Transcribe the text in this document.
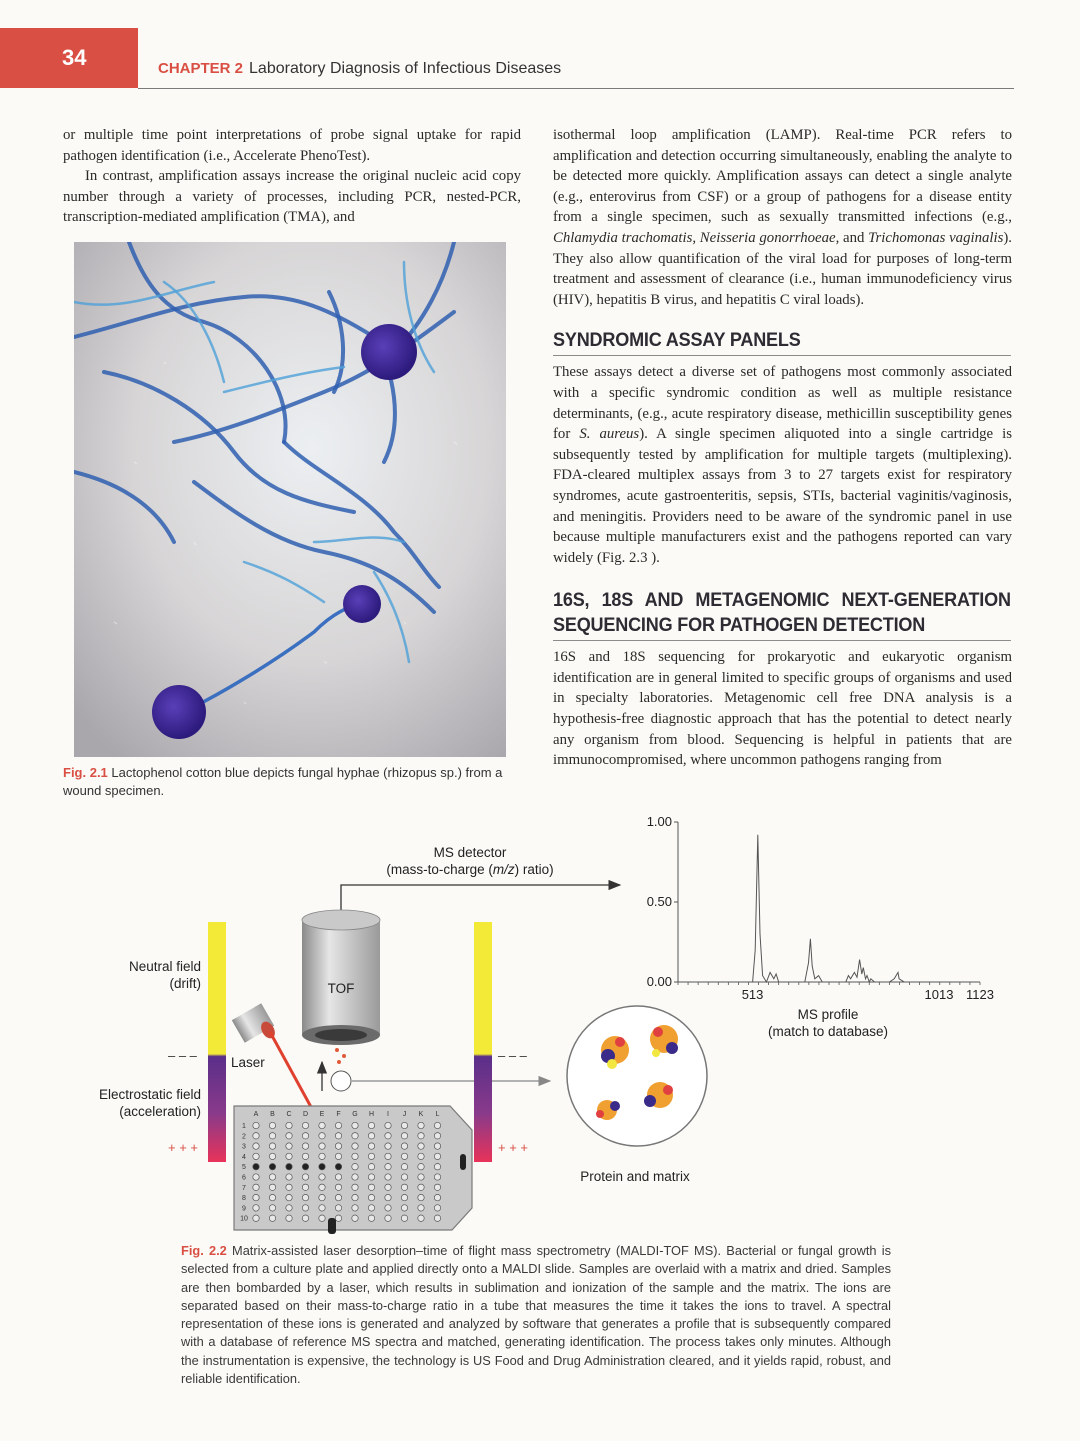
34	CHAPTER 2 Laboratory Diagnosis of Infectious Diseases

or multiple time point interpretations of probe signal uptake for rapid pathogen identification (i.e., Accelerate PhenoTest).

In contrast, amplification assays increase the original nucleic acid copy number through a variety of processes, including PCR, nested-PCR, transcription-mediated amplification (TMA), and

Fig. 2.1 Lactophenol cotton blue depicts fungal hyphae (rhizopus sp.) from a wound specimen.

isothermal loop amplification (LAMP). Real-time PCR refers to amplification and detection occurring simultaneously, enabling the analyte to be detected more quickly. Amplification assays can detect a single analyte (e.g., enterovirus from CSF) or a group of pathogens for a disease entity from a single specimen, such as sexually transmitted infections (e.g., Chlamydia trachomatis, Neisseria gonorrhoeae, and Trichomonas vaginalis). They also allow quantification of the viral load for purposes of long-term treatment and assessment of clearance (i.e., human immunodeficiency virus (HIV), hepatitis B virus, and hepatitis C viral loads).

SYNDROMIC ASSAY PANELS

These assays detect a diverse set of pathogens most commonly associated with a specific syndromic condition as well as multiple resistance determinants, (e.g., acute respiratory disease, methicillin susceptibility genes for S. aureus). A single specimen aliquoted into a single cartridge is subsequently tested by amplification for multiple targets (multiplexing). FDA-cleared multiplex assays from 3 to 27 targets exist for respiratory syndromes, acute gastroenteritis, sepsis, STIs, bacterial vaginitis/vaginosis, and meningitis. Providers need to be aware of the syndromic panel in use because multiple manufacturers exist and the pathogens reported can vary widely (Fig. 2.3 ).

16S, 18S AND METAGENOMIC NEXT-GENERATION SEQUENCING FOR PATHOGEN DETECTION

16S and 18S sequencing for prokaryotic and eukaryotic organism identification are in general limited to specific groups of organisms and used in specialty laboratories. Metagenomic cell free DNA analysis is a hypothesis-free diagnostic approach that has the potential to detect nearly any organism from blood. Sequencing is helpful in patients that are immunocompromised, where uncommon pathogens ranging from

MS detector
(mass-to-charge (m/z) ratio)
TOF
Laser
Neutral field
(drift)
Electrostatic field
(acceleration)
– – –	– – –
+ + +	+ + +
A B C D E F G H I J K L
1
2
3
4
5
6
7
8
9
10
Protein and matrix
1.00
0.50
0.00
513	1013 1123
MS profile
(match to database)
Fig. 2.2 Matrix-assisted laser desorption–time of flight mass spectrometry (MALDI-TOF MS). Bacterial or fungal growth is selected from a culture plate and applied directly onto a MALDI slide. Samples are overlaid with a matrix and dried. Samples are then bombarded by a laser, which results in sublimation and ionization of the sample and the matrix. The ions are separated based on their mass-to-charge ratio in a tube that measures the time it takes the ions to travel. A spectral representation of these ions is generated and analyzed by software that generates a profile that is subsequently compared with a database of reference MS spectra and matched, generating identification. The process takes only minutes. Although the instrumentation is expensive, the technology is US Food and Drug Administration cleared, and it yields rapid, robust, and reliable identification.
